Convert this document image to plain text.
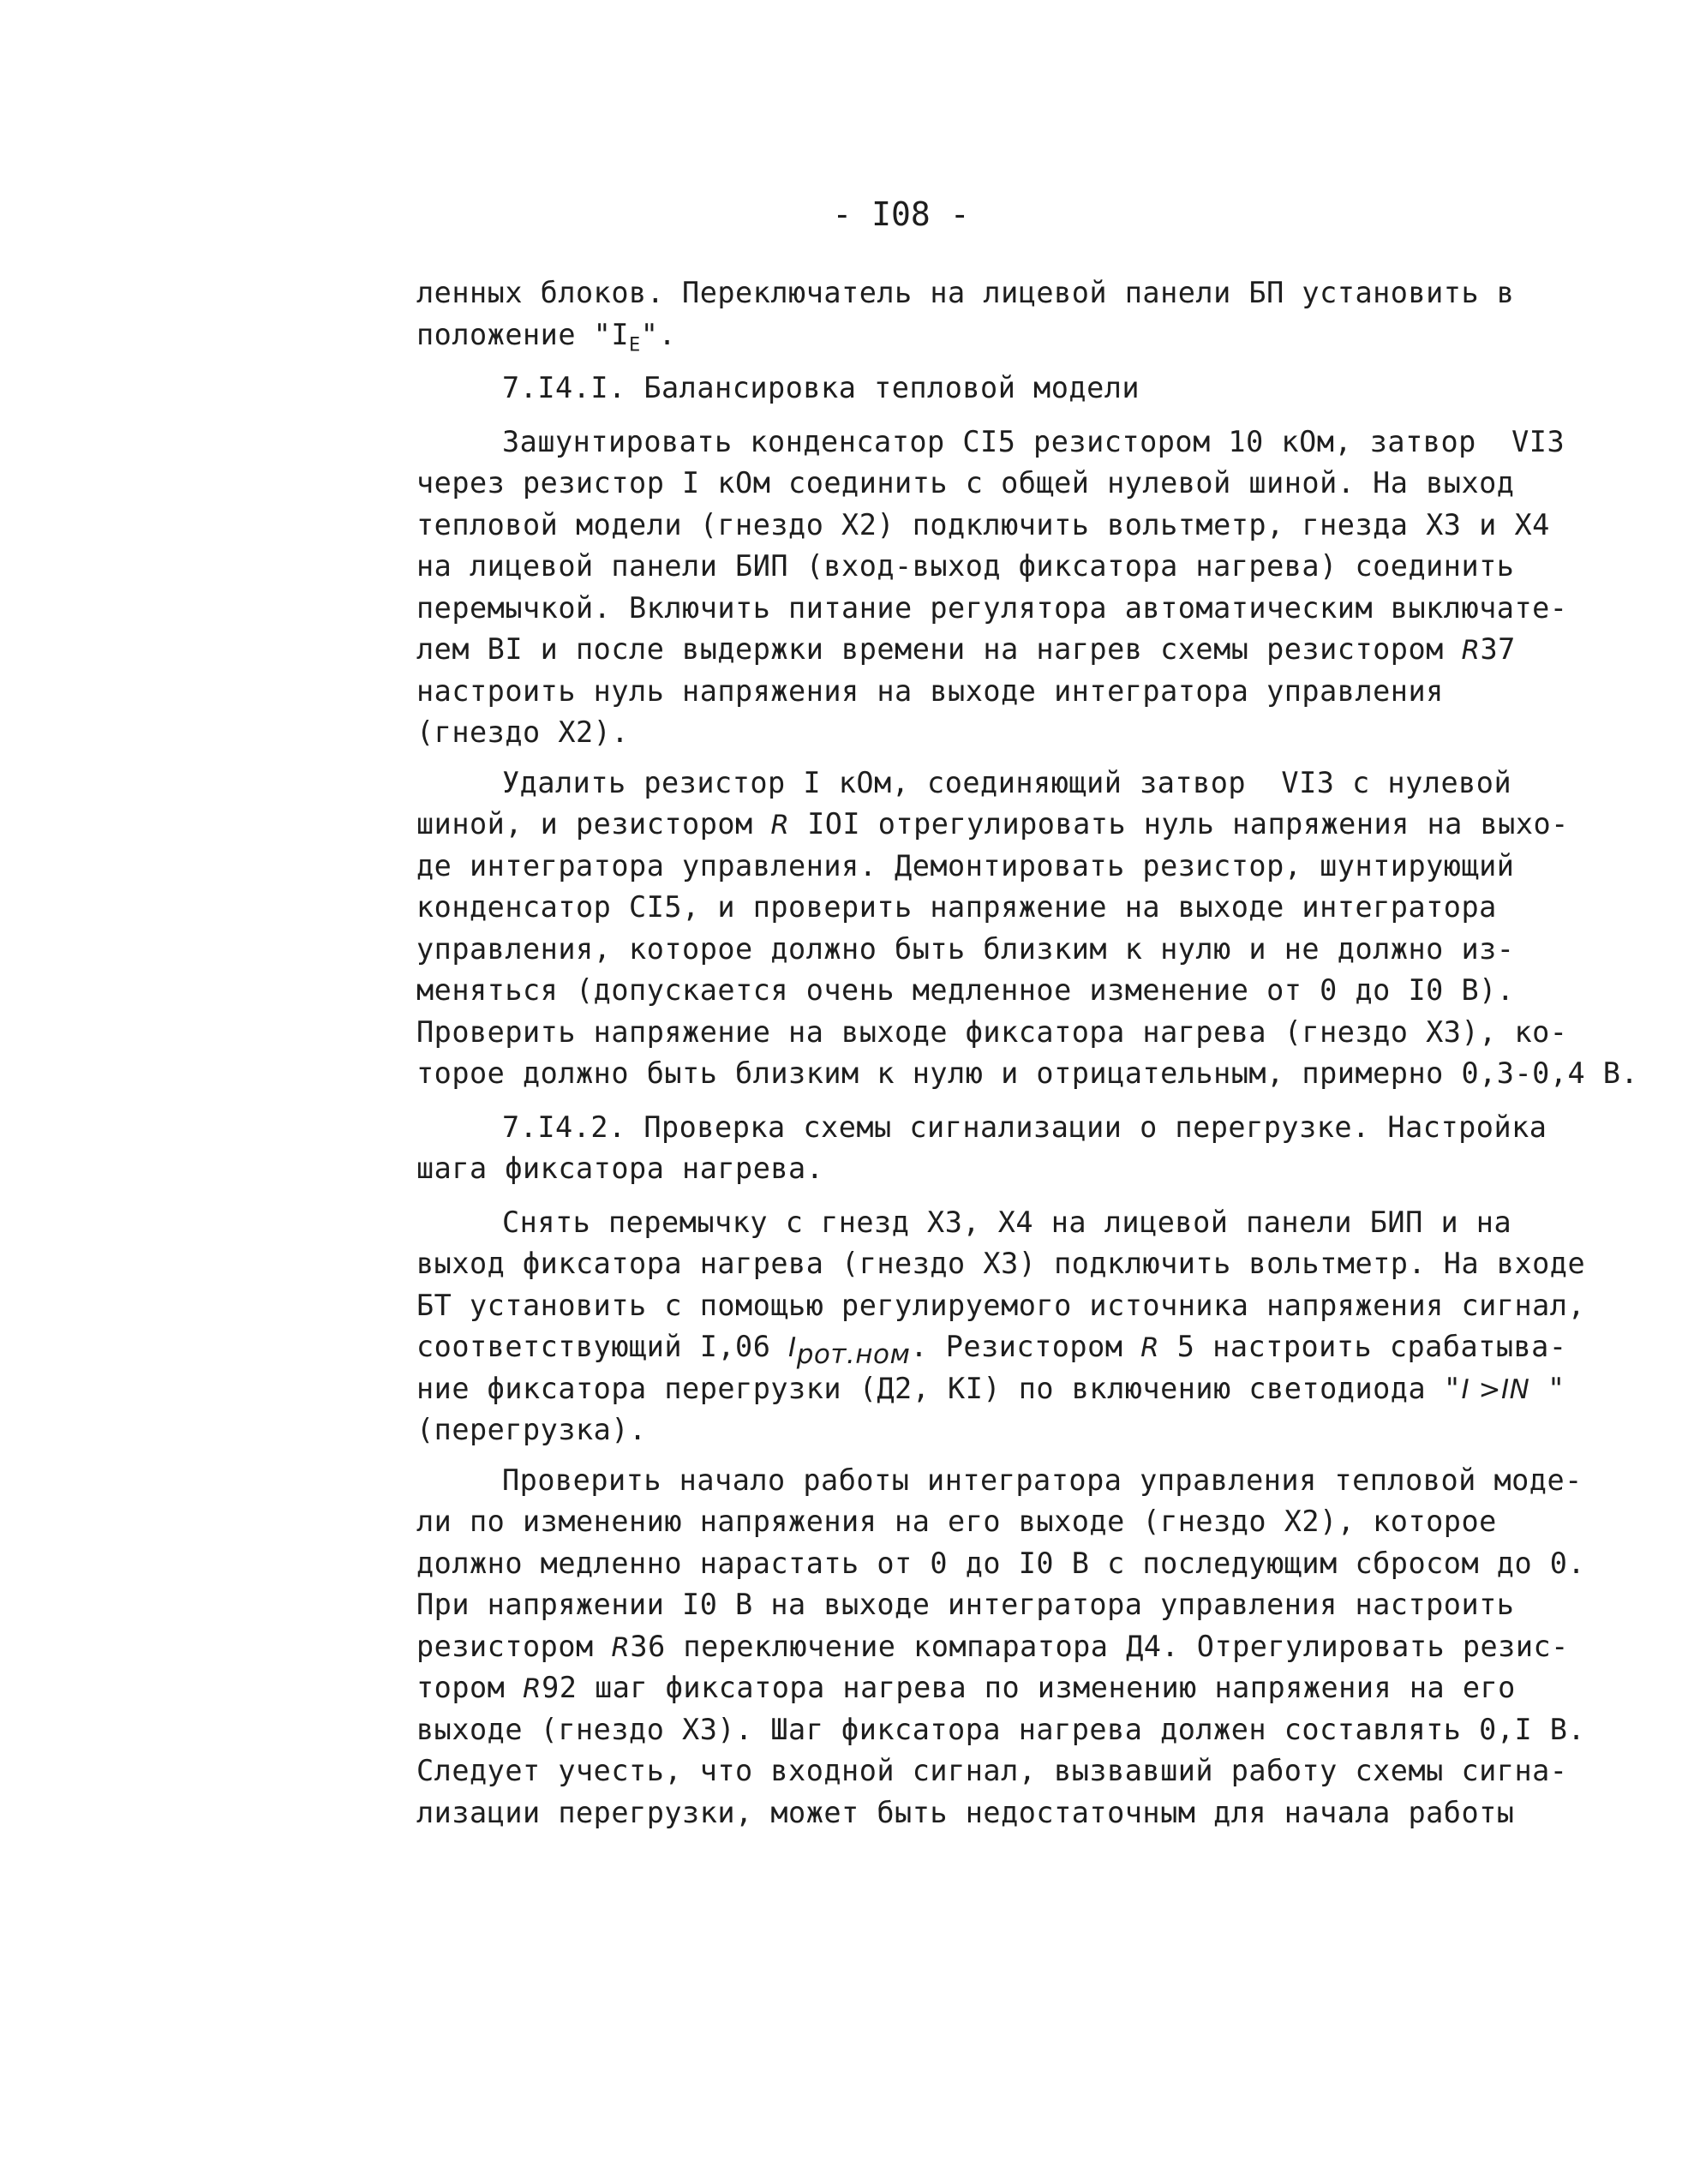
- I08 -
ленных блоков. Переключатель на лицевой панели БП установить в
положение "$I_E$".
7.I4.I. Балансировка тепловой модели
Зашунтировать конденсатор СI5 резистором 10 кОм, затвор  VI3
через резистор I кОм соединить с общей нулевой шиной. На выход
тепловой модели (гнездо X2) подключить вольтметр, гнезда X3 и X4
на лицевой панели БИП (вход-выход фиксатора нагрева) соединить
перемычкой. Включить питание регулятора автоматическим выключате-
лем BI и после выдержки времени на нагрев схемы резистором R37
настроить нуль напряжения на выходе интегратора управления
(гнездо X2).
Удалить резистор I кОм, соединяющий затвор  VI3 с нулевой
шиной, и резистором R IOI отрегулировать нуль напряжения на выхо-
де интегратора управления. Демонтировать резистор, шунтирующий
конденсатор СI5, и проверить напряжение на выходе интегратора
управления, которое должно быть близким к нулю и не должно из-
меняться (допускается очень медленное изменение от 0 до I0 В).
Проверить напряжение на выходе фиксатора нагрева (гнездо X3), ко-
торое должно быть близким к нулю и отрицательным, примерно 0,3-0,4 В.
7.I4.2. Проверка схемы сигнализации о перегрузке. Настройка
шага фиксатора нагрева.
Снять перемычку с гнезд X3, X4 на лицевой панели БИП и на
выход фиксатора нагрева (гнездо X3) подключить вольтметр. На входе
БТ установить с помощью регулируемого источника напряжения сигнал,
соответствующий I,06 $I_{рот.ном}$. Резистором R 5 настроить срабатыва-
ние фиксатора перегрузки (Д2, KI) по включению светодиода "I >IN "
(перегрузка).
Проверить начало работы интегратора управления тепловой моде-
ли по изменению напряжения на его выходе (гнездо X2), которое
должно медленно нарастать от 0 до I0 В с последующим сбросом до 0.
При напряжении I0 В на выходе интегратора управления настроить
резистором R36 переключение компаратора Д4. Отрегулировать резис-
тором R92 шаг фиксатора нагрева по изменению напряжения на его
выходе (гнездо X3). Шаг фиксатора нагрева должен составлять 0,I В.
Следует учесть, что входной сигнал, вызвавший работу схемы сигна-
лизации перегрузки, может быть недостаточным для начала работы
